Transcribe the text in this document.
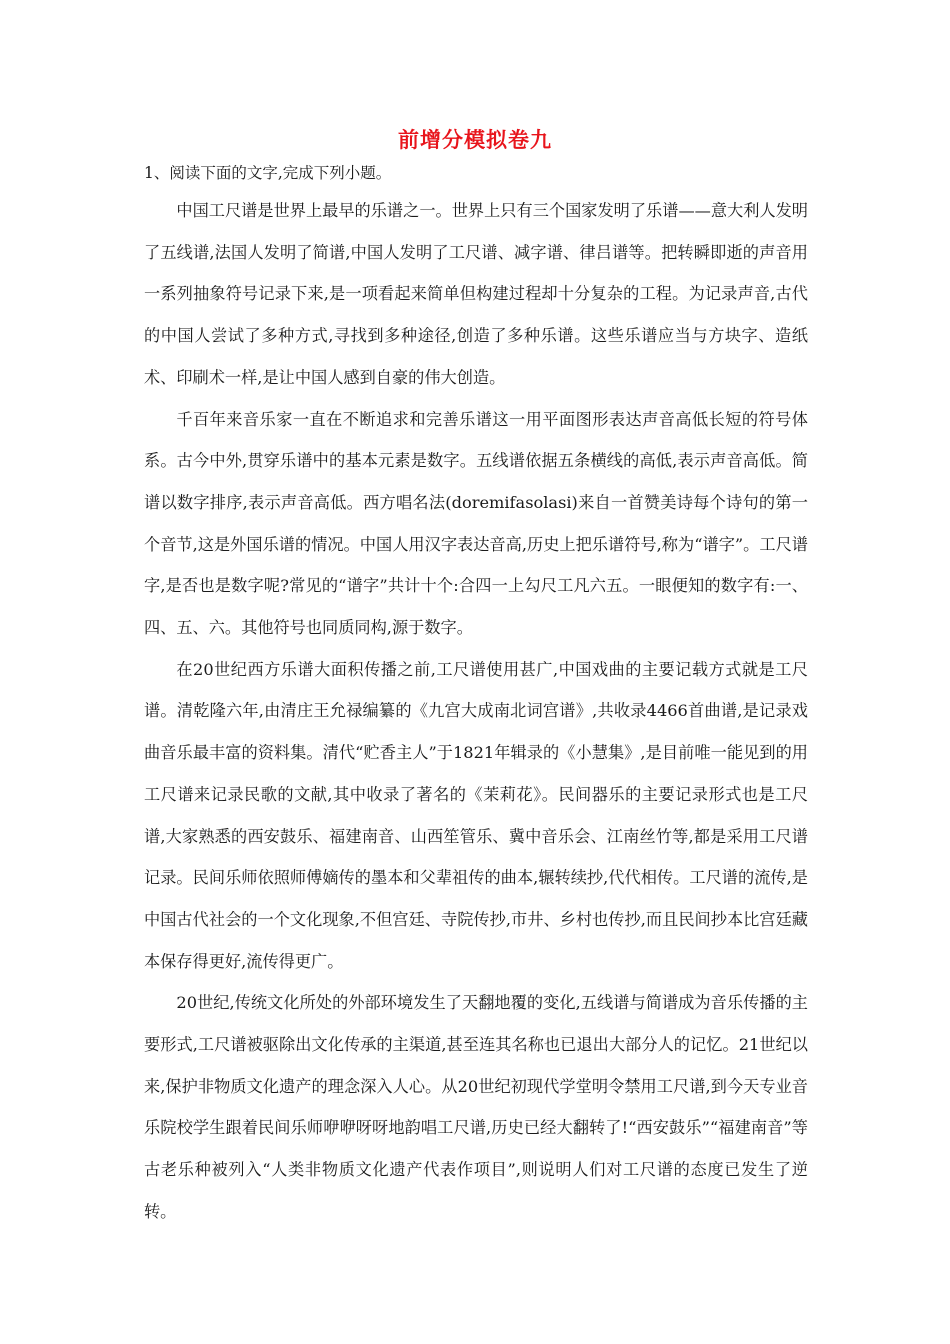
前增分模拟卷九
1、阅读下面的文字,完成下列小题。

中国工尺谱是世界上最早的乐谱之一。世界上只有三个国家发明了乐谱——意大利人发明了五线谱,法国人发明了简谱,中国人发明了工尺谱、减字谱、律吕谱等。把转瞬即逝的声音用一系列抽象符号记录下来,是一项看起来简单但构建过程却十分复杂的工程。为记录声音,古代的中国人尝试了多种方式,寻找到多种途径,创造了多种乐谱。这些乐谱应当与方块字、造纸术、印刷术一样,是让中国人感到自豪的伟大创造。

千百年来音乐家一直在不断追求和完善乐谱这一用平面图形表达声音高低长短的符号体系。古今中外,贯穿乐谱中的基本元素是数字。五线谱依据五条横线的高低,表示声音高低。简谱以数字排序,表示声音高低。西方唱名法(doremifasolasi)来自一首赞美诗每个诗句的第一个音节,这是外国乐谱的情况。中国人用汉字表达音高,历史上把乐谱符号,称为“谱字”。工尺谱字,是否也是数字呢?常见的“谱字”共计十个:合四一上勾尺工凡六五。一眼便知的数字有:一、四、五、六。其他符号也同质同构,源于数字。

在20世纪西方乐谱大面积传播之前,工尺谱使用甚广,中国戏曲的主要记载方式就是工尺谱。清乾隆六年,由清庄王允禄编纂的《九宫大成南北词宫谱》,共收录4466首曲谱,是记录戏曲音乐最丰富的资料集。清代“贮香主人”于1821年辑录的《小慧集》,是目前唯一能见到的用工尺谱来记录民歌的文献,其中收录了著名的《茉莉花》。民间器乐的主要记录形式也是工尺谱,大家熟悉的西安鼓乐、福建南音、山西笙管乐、冀中音乐会、江南丝竹等,都是采用工尺谱记录。民间乐师依照师傅嫡传的墨本和父辈祖传的曲本,辗转续抄,代代相传。工尺谱的流传,是中国古代社会的一个文化现象,不但宫廷、寺院传抄,市井、乡村也传抄,而且民间抄本比宫廷藏本保存得更好,流传得更广。

20世纪,传统文化所处的外部环境发生了天翻地覆的变化,五线谱与简谱成为音乐传播的主要形式,工尺谱被驱除出文化传承的主渠道,甚至连其名称也已退出大部分人的记忆。21世纪以来,保护非物质文化遗产的理念深入人心。从20世纪初现代学堂明令禁用工尺谱,到今天专业音乐院校学生跟着民间乐师咿咿呀呀地韵唱工尺谱,历史已经大翻转了!“西安鼓乐”“福建南音”等古老乐种被列入“人类非物质文化遗产代表作项目”,则说明人们对工尺谱的态度已发生了逆转。
